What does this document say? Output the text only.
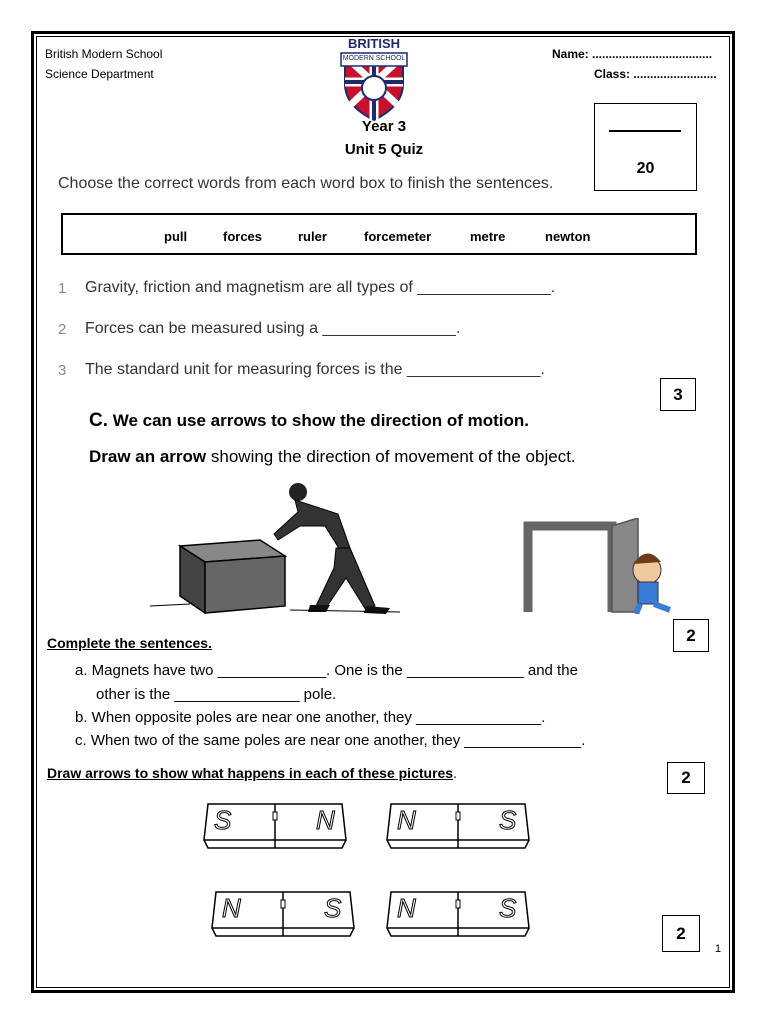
British Modern School
Science Department
Name: ....................................
Class: .........................
BRITISH
MODERN SCHOOL
Year 3
Unit 5 Quiz
20
Choose the correct words from each word box to finish the sentences.
pull	forces	ruler	forcemeter	metre	newton
1 Gravity, friction and magnetism are all types of _______________.
2 Forces can be measured using a _______________.
3 The standard unit for measuring forces is the _______________.
3
C. We can use arrows to show the direction of motion.
Draw an arrow showing the direction of movement of the object.
2
Complete the sentences.
a. Magnets have two _____________. One is the ______________ and the
other is the _______________ pole.
b. When opposite poles are near one another, they _______________.
c. When two of the same poles are near one another, they ______________.
Draw arrows to show what happens in each of these pictures.	2
S	N N	S
N	S N	S
2
1
